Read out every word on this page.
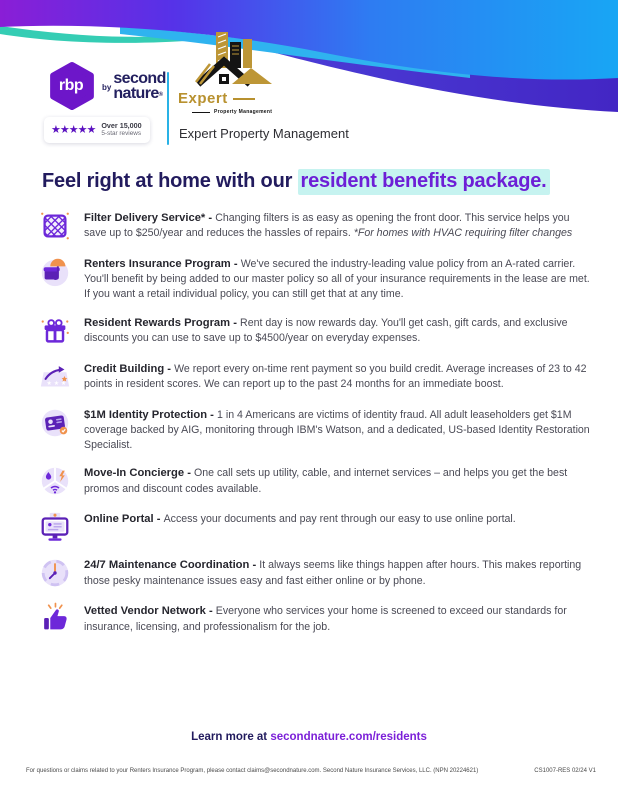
rbp	$^{by}$second
nature®
★★★★★ Over 15,000
5-star reviews
Expert
Property Management
Expert Property Management
Feel right at home with our resident benefits package.
Filter Delivery Service* - Changing filters is as easy as opening the front door. This service helps you save up to $250/year and reduces the hassles of repairs. *For homes with HVAC requiring filter changes
Renters Insurance Program - We've secured the industry-leading value policy from an A-rated carrier. You'll benefit by being added to our master policy so all of your insurance requirements in the lease are met. If you want a retail individual policy, you can still get that at any time.
Resident Rewards Program - Rent day is now rewards day. You'll get cash, gift cards, and exclusive discounts you can use to save up to $4500/year on everyday expenses.
★ ★ ★
Credit Building - We report every on-time rent payment so you build credit. Average increases of 23 to 42 points in resident scores. We can report up to the past 24 months for an immediate boost.
$1M Identity Protection - 1 in 4 Americans are victims of identity fraud. All adult leaseholders get $1M coverage backed by AIG, monitoring through IBM's Watson, and a dedicated, US-based Identity Restoration Specialist.
Move-In Concierge - One call sets up utility, cable, and internet services – and helps you get the best promos and discount codes available.
Online Portal - Access your documents and pay rent through our easy to use online portal.
24/7 Maintenance Coordination - It always seems like things happen after hours. This makes reporting those pesky maintenance issues easy and fast either online or by phone.
Vetted Vendor Network - Everyone who services your home is screened to exceed our standards for insurance, licensing, and professionalism for the job.
Learn more at secondnature.com/residents
For questions or claims related to your Renters Insurance Program, please contact claims@secondnature.com. Second Nature Insurance Services, LLC. (NPN 20224621)	CS1007-RES 02/24 V1
